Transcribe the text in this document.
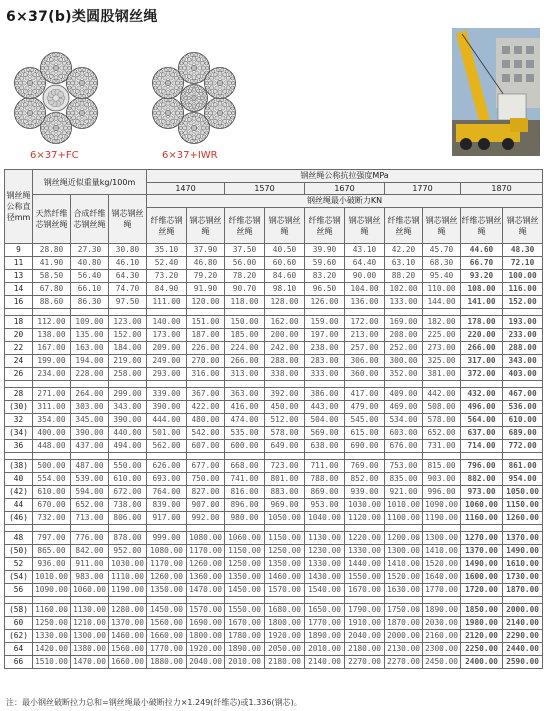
6×37(b)类圆股钢丝绳
6×37+FC	6×37+IWR
钢丝绳公称直径mm	钢丝绳近似重量kg/100m			钢丝绳公称抗拉强度MPa									
				1470		1570		1670		1770		1870	
	天然纤维芯钢丝绳	合成纤维芯钢丝绳	钢芯钢丝绳	钢丝绳最小破断力KN									
				纤维芯钢丝绳	钢芯钢丝绳	纤维芯钢丝绳	钢芯钢丝绳	纤维芯钢丝绳	钢芯钢丝绳	纤维芯钢丝绳	钢芯钢丝绳	纤维芯钢丝绳	钢芯钢丝绳
9	28.80	27.30	30.80	35.10	37.90	37.50	40.50	39.90	43.10	42.20	45.70	44.60	48.30
11	41.90	40.80	46.10	52.40	46.80	56.00	60.60	59.60	64.40	63.10	68.30	66.70	72.10
13	58.50	56.40	64.30	73.20	79.20	78.20	84.60	83.20	90.00	88.20	95.40	93.20	100.00
14	67.80	66.10	74.70	84.90	91.90	90.70	98.10	96.50	104.00	102.00	110.00	108.00	116.00
16	88.60	86.30	97.50	111.00	120.00	118.00	128.00	126.00	136.00	133.00	144.00	141.00	152.00

18	112.00	109.00	123.00	140.00	151.00	150.00	162.00	159.00	172.00	169.00	182.00	178.00	193.00
20	138.00	135.00	152.00	173.00	187.00	185.00	200.00	197.00	213.00	208.00	225.00	220.00	233.00
22	167.00	163.00	184.00	209.00	226.00	224.00	242.00	238.00	257.00	252.00	273.00	266.00	288.00
24	199.00	194.00	219.00	249.00	270.00	266.00	288.00	283.00	306.00	300.00	325.00	317.00	343.00
26	234.00	228.00	258.00	293.00	316.00	313.00	338.00	333.00	360.00	352.00	381.00	372.00	403.00

28	271.00	264.00	299.00	339.00	367.00	363.00	392.00	386.00	417.00	409.00	442.00	432.00	467.00
(30)	311.00	303.00	343.00	390.00	422.00	416.00	450.00	443.00	479.00	469.00	508.00	496.00	536.00
32	354.00	345.00	390.00	444.00	480.00	474.00	512.00	504.00	545.00	534.00	578.00	564.00	610.00
(34)	400.00	390.00	440.00	501.00	542.00	535.00	578.00	569.00	615.00	603.00	652.00	637.00	689.00
36	448.00	437.00	494.00	562.00	607.00	600.00	649.00	638.00	690.00	676.00	731.00	714.00	772.00

(38)	500.00	487.00	550.00	626.00	677.00	668.00	723.00	711.00	769.00	753.00	815.00	796.00	861.00
40	554.00	539.00	610.00	693.00	750.00	741.00	801.00	788.00	852.00	835.00	903.00	882.00	954.00
(42)	610.00	594.00	672.00	764.00	827.00	816.00	883.00	869.00	939.00	921.00	996.00	973.00	1050.00
44	670.00	652.00	738.00	839.00	907.00	896.00	969.00	953.00	1030.00	1010.00	1090.00	1060.00	1150.00
(46)	732.00	713.00	806.00	917.00	992.00	980.00	1050.00	1040.00	1120.00	1100.00	1190.00	1160.00	1260.00

48	797.00	776.00	878.00	999.00	1080.00	1060.00	1150.00	1130.00	1220.00	1200.00	1300.00	1270.00	1370.00
(50)	865.00	842.00	952.00	1080.00	1170.00	1150.00	1250.00	1230.00	1330.00	1300.00	1410.00	1370.00	1490.00
52	936.00	911.00	1030.00	1170.00	1260.00	1250.00	1350.00	1330.00	1440.00	1410.00	1520.00	1490.00	1610.00
(54)	1010.00	983.00	1110.00	1260.00	1360.00	1350.00	1460.00	1430.00	1550.00	1520.00	1640.00	1600.00	1730.00
56	1090.00	1060.00	1190.00	1350.00	1470.00	1450.00	1570.00	1540.00	1670.00	1630.00	1770.00	1720.00	1870.00

(58)	1160.00	1130.00	1280.00	1450.00	1570.00	1550.00	1680.00	1650.00	1790.00	1750.00	1890.00	1850.00	2000.00
60	1250.00	1210.00	1370.00	1560.00	1690.00	1670.00	1800.00	1770.00	1910.00	1870.00	2030.00	1980.00	2140.00
(62)	1330.00	1300.00	1460.00	1660.00	1800.00	1780.00	1920.00	1890.00	2040.00	2000.00	2160.00	2120.00	2290.00
64	1420.00	1380.00	1560.00	1770.00	1920.00	1890.00	2050.00	2010.00	2180.00	2130.00	2300.00	2250.00	2440.00
66	1510.00	1470.00	1660.00	1880.00	2040.00	2010.00	2180.00	2140.00	2270.00	2270.00	2450.00	2400.00	2590.00
注：最小钢丝破断拉力总和=钢丝绳最小破断拉力×1.249(纤维芯)或1.336(钢芯)。
